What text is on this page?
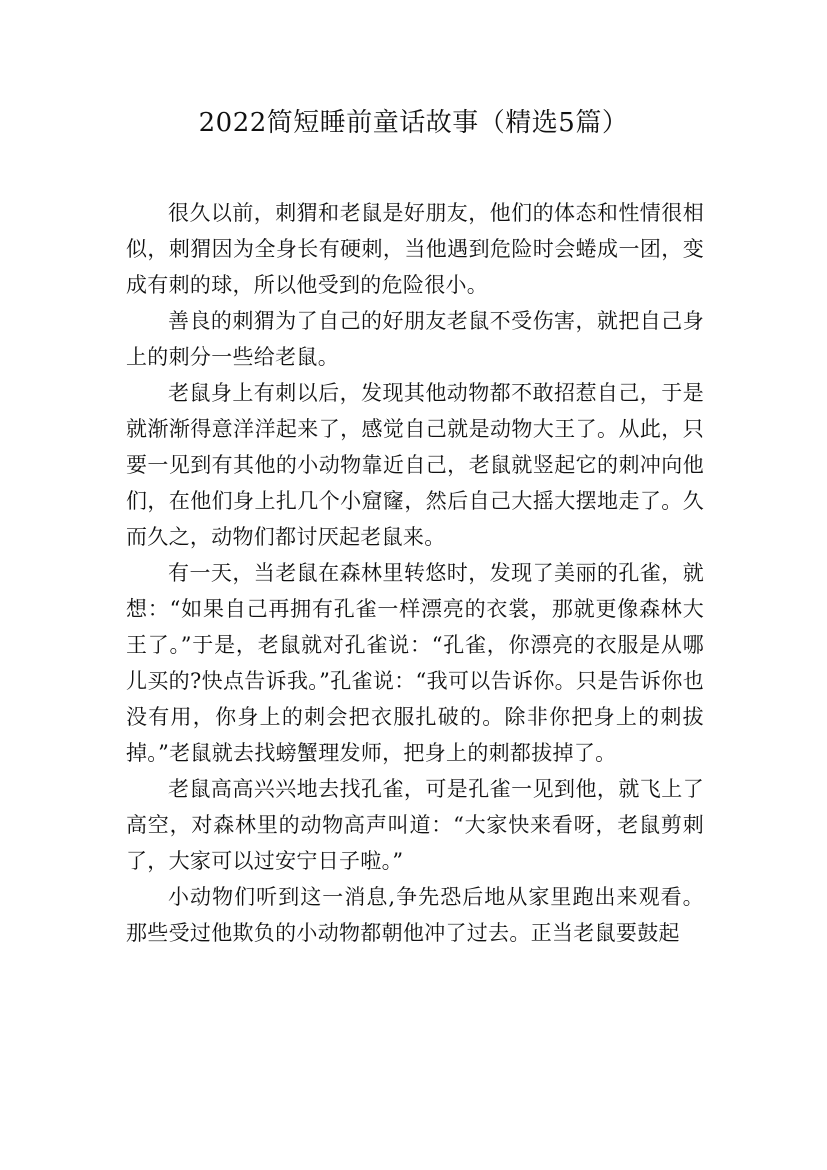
2022简短睡前童话故事（精选5篇）

很久以前，刺猬和老鼠是好朋友，他们的体态和性情很相似，刺猬因为全身长有硬刺，当他遇到危险时会蜷成一团，变成有刺的球，所以他受到的危险很小。

善良的刺猬为了自己的好朋友老鼠不受伤害，就把自己身上的刺分一些给老鼠。

老鼠身上有刺以后，发现其他动物都不敢招惹自己，于是就渐渐得意洋洋起来了，感觉自己就是动物大王了。从此，只要一见到有其他的小动物靠近自己，老鼠就竖起它的刺冲向他们，在他们身上扎几个小窟窿，然后自己大摇大摆地走了。久而久之，动物们都讨厌起老鼠来。

有一天，当老鼠在森林里转悠时，发现了美丽的孔雀，就想：“如果自己再拥有孔雀一样漂亮的衣裳，那就更像森林大王了。”于是，老鼠就对孔雀说：“孔雀，你漂亮的衣服是从哪儿买的?快点告诉我。”孔雀说：“我可以告诉你。只是告诉你也没有用，你身上的刺会把衣服扎破的。除非你把身上的刺拔掉。”老鼠就去找螃蟹理发师，把身上的刺都拔掉了。

老鼠高高兴兴地去找孔雀，可是孔雀一见到他，就飞上了高空，对森林里的动物高声叫道：“大家快来看呀，老鼠剪刺了，大家可以过安宁日子啦。”

小动物们听到这一消息,争先恐后地从家里跑出来观看。那些受过他欺负的小动物都朝他冲了过去。正当老鼠要鼓起
